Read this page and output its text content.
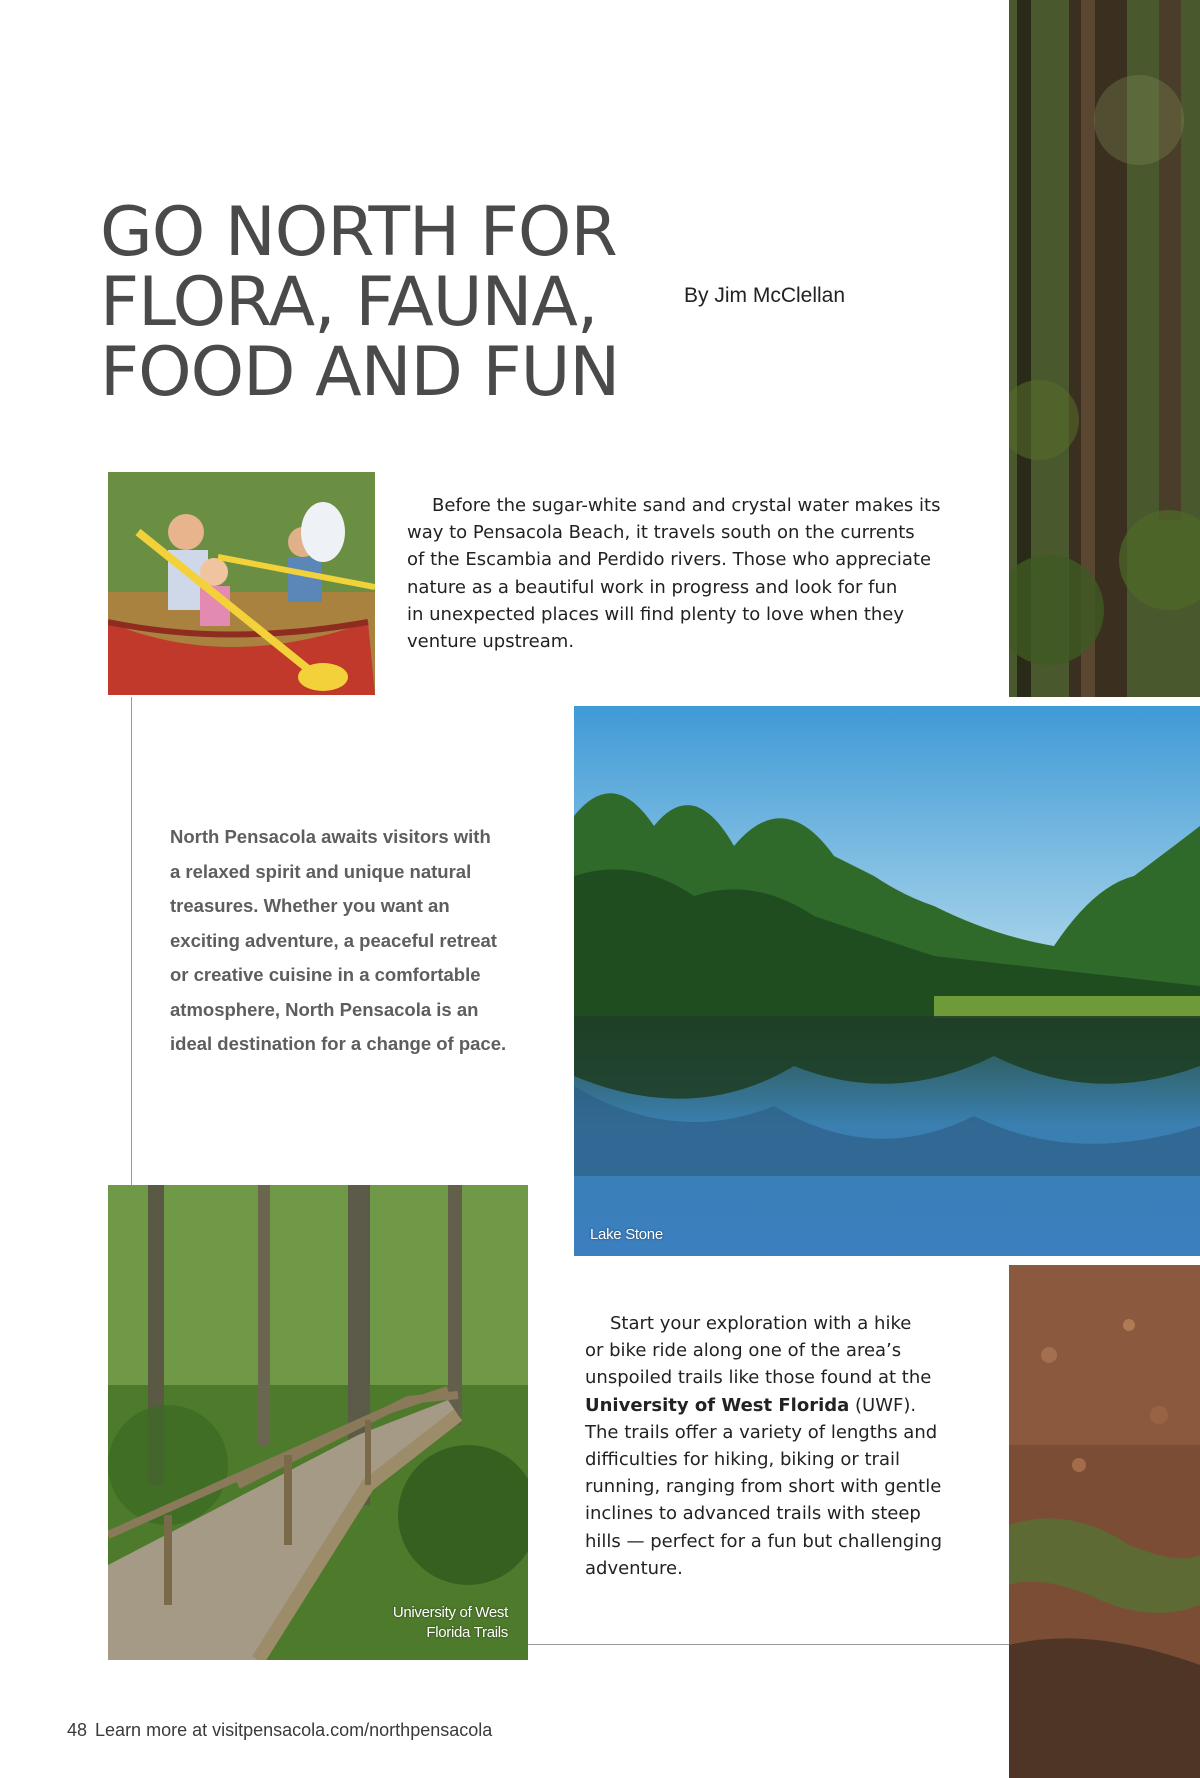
GO NORTH FOR
FLORA, FAUNA,
FOOD AND FUN
By Jim McClellan
Before the sugar-white sand and crystal water makes its
way to Pensacola Beach, it travels south on the currents
of the Escambia and Perdido rivers. Those who appreciate
nature as a beautiful work in progress and look for fun
in unexpected places will find plenty to love when they
venture upstream.
North Pensacola awaits visitors with
a relaxed spirit and unique natural
treasures. Whether you want an
exciting adventure, a peaceful retreat
or creative cuisine in a comfortable
atmosphere, North Pensacola is an
ideal destination for a change of pace.
Lake Stone
University of West
Florida Trails
Start your exploration with a hike
or bike ride along one of the area’s
unspoiled trails like those found at the
University of West Florida (UWF).
The trails offer a variety of lengths and
difficulties for hiking, biking or trail
running, ranging from short with gentle
inclines to advanced trails with steep
hills — perfect for a fun but challenging
adventure.
48 Learn more at visitpensacola.com/northpensacola
